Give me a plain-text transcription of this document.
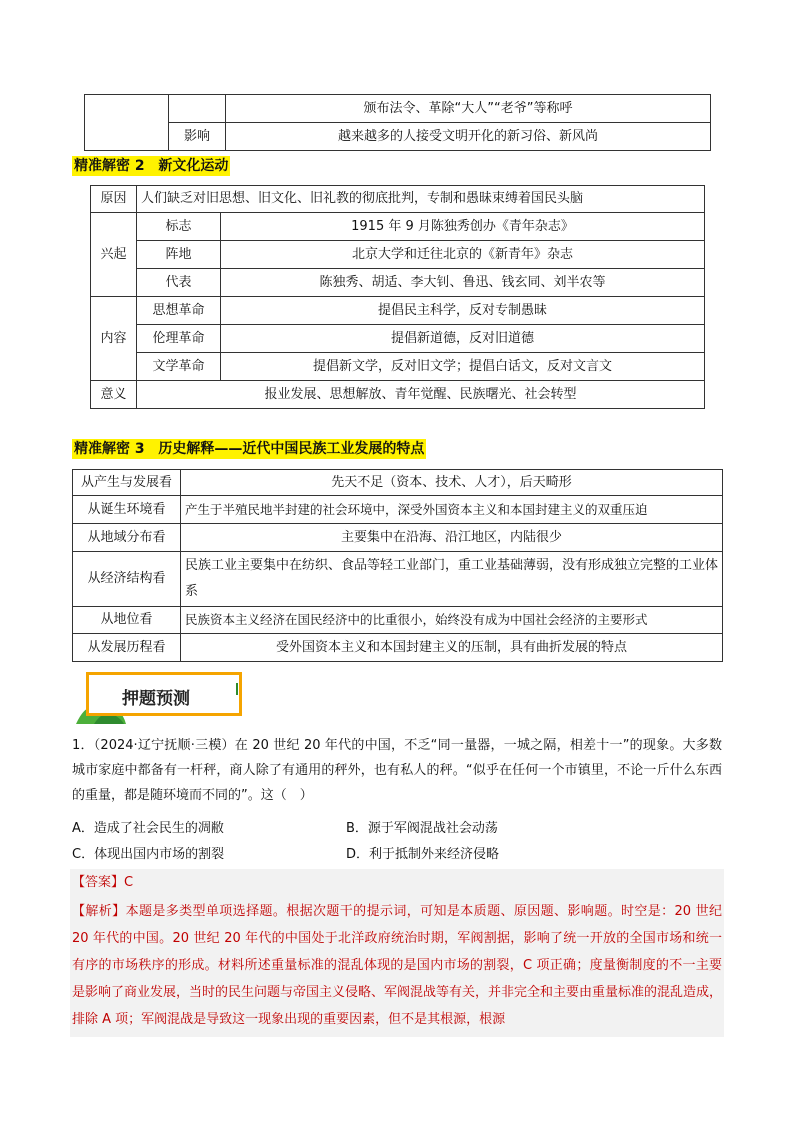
		颁布法令、革除“大人”“老爷”等称呼
	影响	越来越多的人接受文明开化的新习俗、新风尚
精准解密 2 新文化运动
原因	人们缺乏对旧思想、旧文化、旧礼教的彻底批判，专制和愚昧束缚着国民头脑	
兴起	标志	1915 年 9 月陈独秀创办《青年杂志》
	阵地	北京大学和迁往北京的《新青年》杂志
	代表	陈独秀、胡适、李大钊、鲁迅、钱玄同、刘半农等
内容	思想革命	提倡民主科学，反对专制愚昧
	伦理革命	提倡新道德，反对旧道德
	文学革命	提倡新文学，反对旧文学；提倡白话文，反对文言文
意义	报业发展、思想解放、青年觉醒、民族曙光、社会转型	
精准解密 3 历史解释——近代中国民族工业发展的特点
从产生与发展看	先天不足（资本、技术、人才），后天畸形
从诞生环境看	产生于半殖民地半封建的社会环境中，深受外国资本主义和本国封建主义的双重压迫
从地域分布看	主要集中在沿海、沿江地区，内陆很少
从经济结构看	民族工业主要集中在纺织、食品等轻工业部门，重工业基础薄弱，没有形成独立完整的工业体系
从地位看	民族资本主义经济在国民经济中的比重很小，始终没有成为中国社会经济的主要形式
从发展历程看	受外国资本主义和本国封建主义的压制，具有曲折发展的特点
押题预测
1．（2024·辽宁抚顺·三模）在 20 世纪 20 年代的中国，不乏“同一量器，一城之隔，相差十一”的现象。大多数城市家庭中都备有一杆秤，商人除了有通用的秤外，也有私人的秤。“似乎在任何一个市镇里，不论一斤什么东西的重量，都是随环境而不同的”。这（　）
A．造成了社会民生的凋敝	B．源于军阀混战社会动荡
C．体现出国内市场的割裂	D．利于抵制外来经济侵略
【答案】C
【解析】本题是多类型单项选择题。根据次题干的提示词，可知是本质题、原因题、影响题。时空是：20 世纪 20 年代的中国。20 世纪 20 年代的中国处于北洋政府统治时期，军阀割据，影响了统一开放的全国市场和统一有序的市场秩序的形成。材料所述重量标准的混乱体现的是国内市场的割裂，C 项正确；度量衡制度的不一主要是影响了商业发展，当时的民生问题与帝国主义侵略、军阀混战等有关，并非完全和主要由重量标准的混乱造成，排除 A 项；军阀混战是导致这一现象出现的重要因素，但不是其根源，根源
